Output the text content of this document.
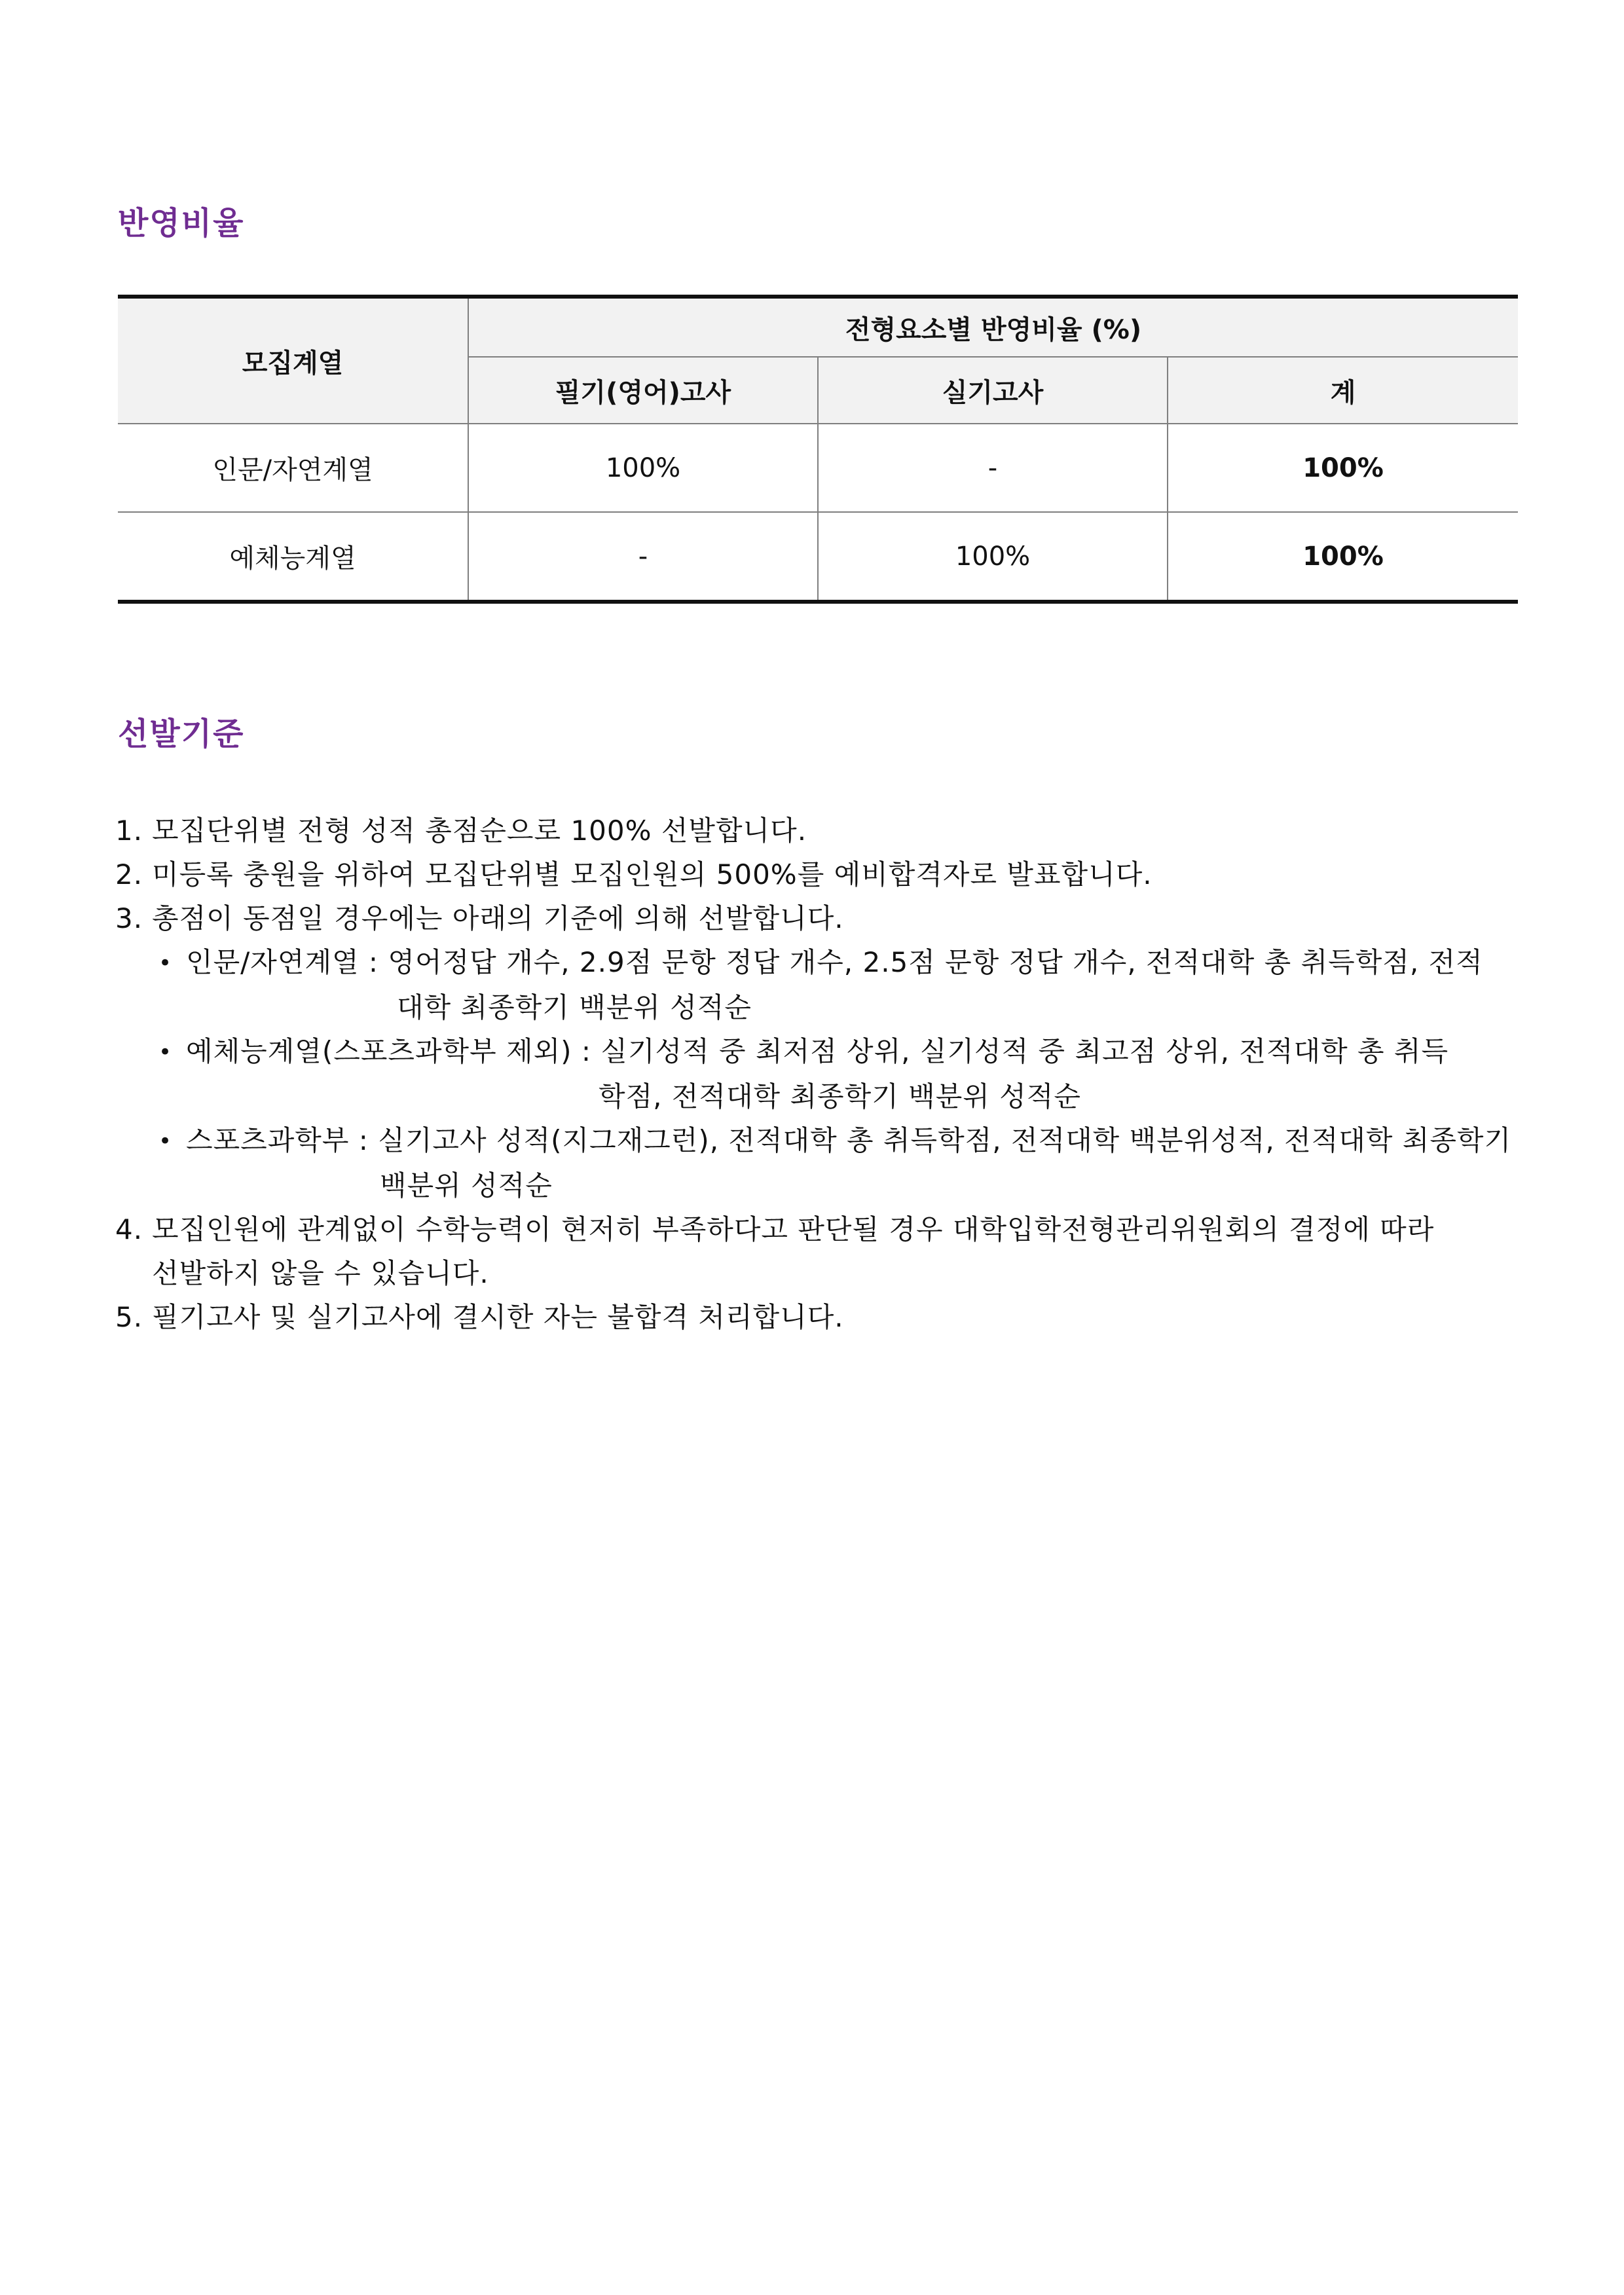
반영비율
모집계열	전형요소별 반영비율 (%)		
	필기(영어)고사	실기고사	계
인문/자연계열	100%	-	100%
예체능계열	-	100%	100%
선발기준
1. 모집단위별 전형 성적 총점순으로 100% 선발합니다.
2. 미등록 충원을 위하여 모집단위별 모집인원의 500%를 예비합격자로 발표합니다.
3. 총점이 동점일 경우에는 아래의 기준에 의해 선발합니다.
• 인문/자연계열 : 영어정답 개수, 2.9점 문항 정답 개수, 2.5점 문항 정답 개수, 전적대학 총 취득학점, 전적
대학 최종학기 백분위 성적순
• 예체능계열(스포츠과학부 제외) : 실기성적 중 최저점 상위, 실기성적 중 최고점 상위, 전적대학 총 취득
학점, 전적대학 최종학기 백분위 성적순
• 스포츠과학부 : 실기고사 성적(지그재그런), 전적대학 총 취득학점, 전적대학 백분위성적, 전적대학 최종학기
백분위 성적순
4. 모집인원에 관계없이 수학능력이 현저히 부족하다고 판단될 경우 대학입학전형관리위원회의 결정에 따라
선발하지 않을 수 있습니다.
5. 필기고사 및 실기고사에 결시한 자는 불합격 처리합니다.
